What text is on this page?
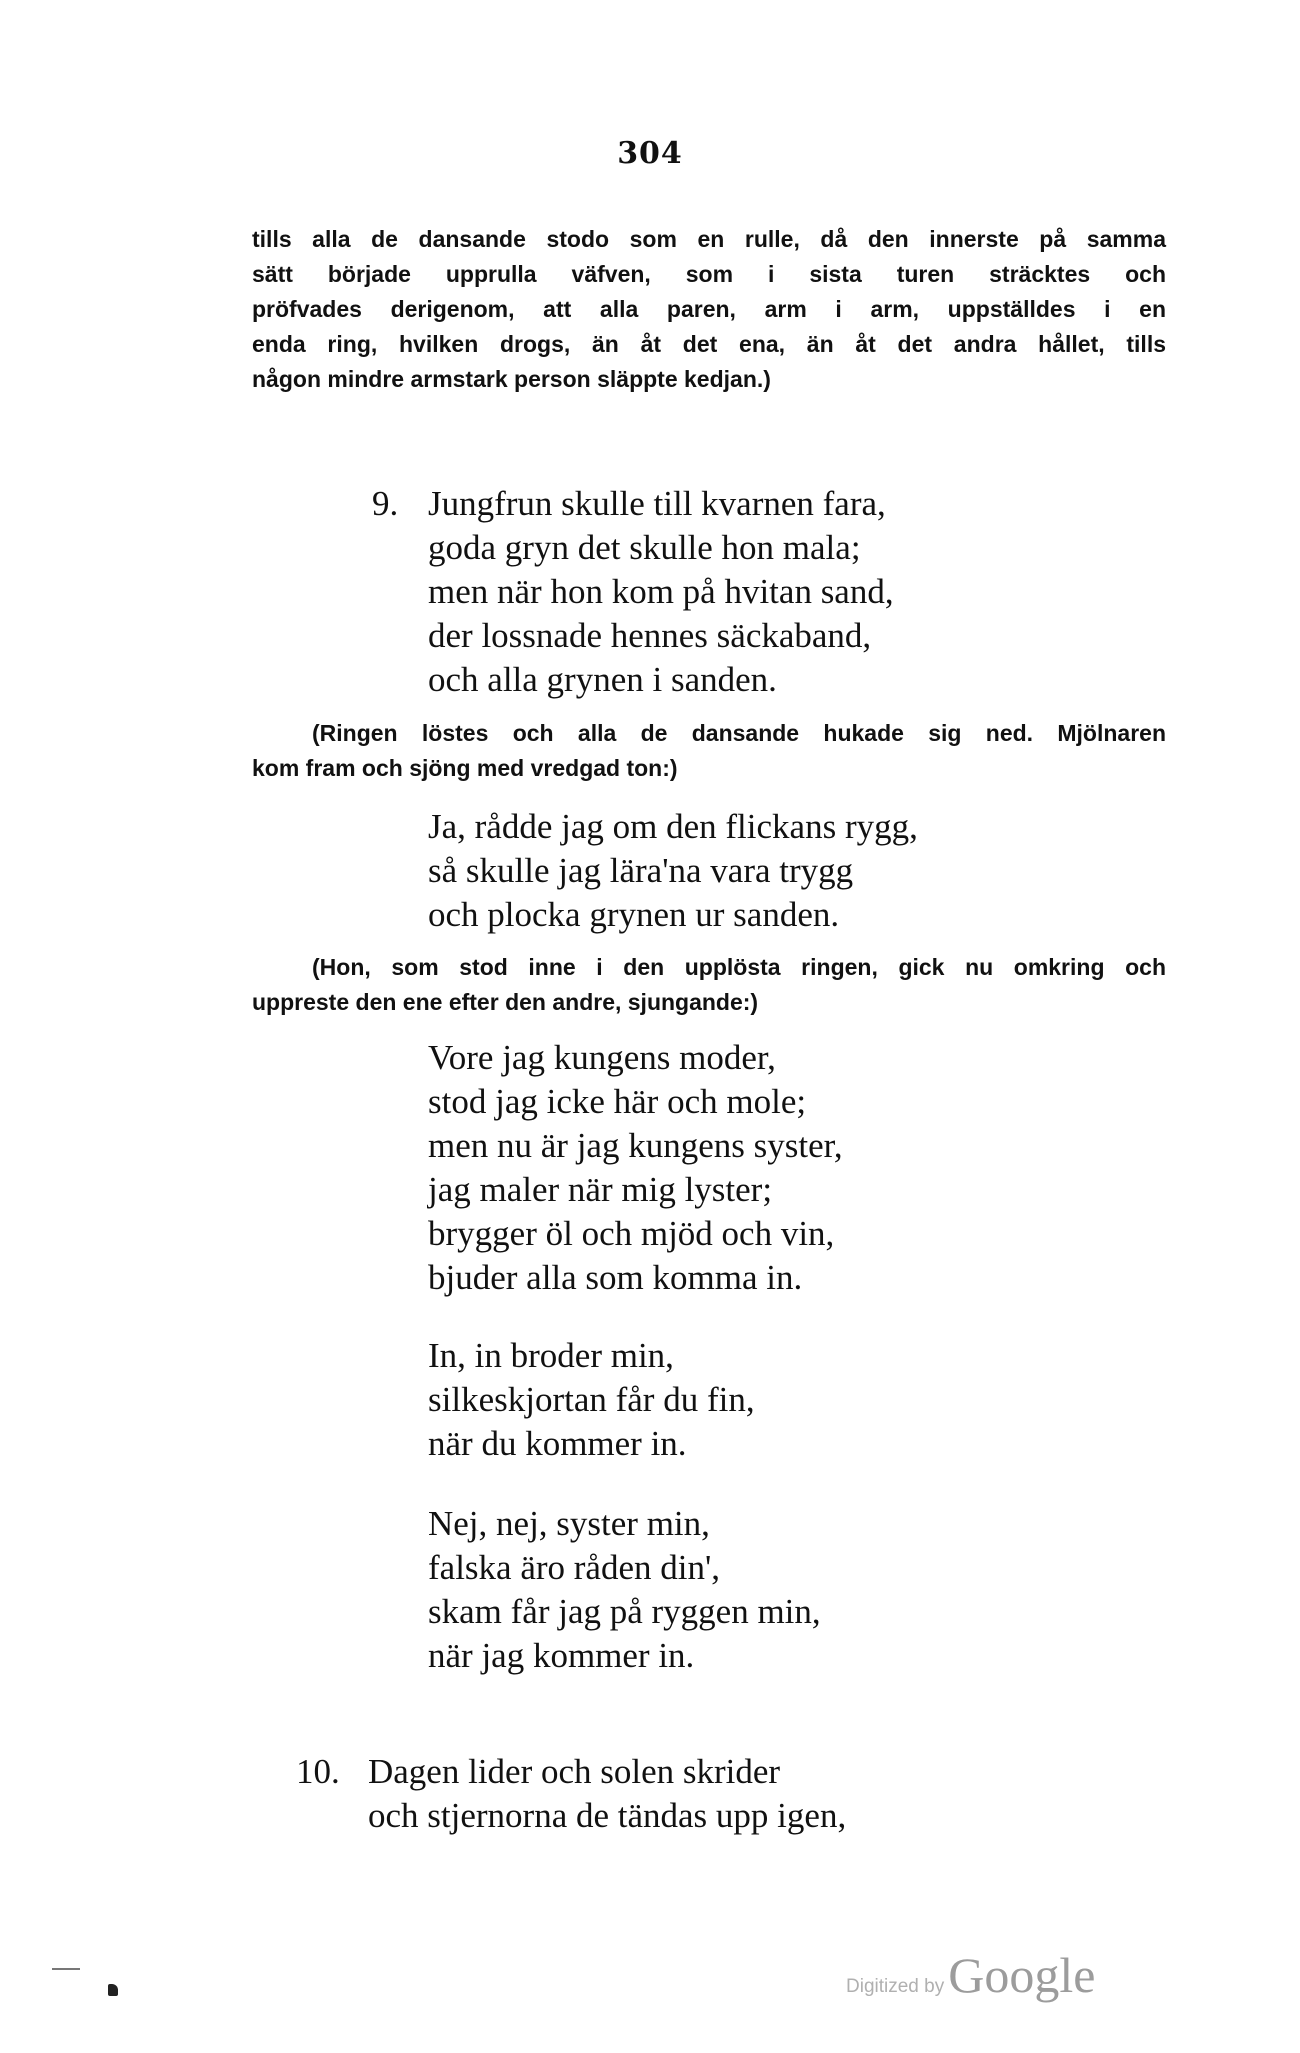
304
tills alla de dansande stodo som en rulle, då den innerste på samma
sätt började upprulla väfven, som i sista turen sträcktes och
pröfvades derigenom, att alla paren, arm i arm, uppställdes i en
enda ring, hvilken drogs, än åt det ena, än åt det andra hållet, tills
någon mindre armstark person släppte kedjan.)
9. Jungfrun skulle till kvarnen fara,
goda gryn det skulle hon mala;
men när hon kom på hvitan sand,
der lossnade hennes säckaband,
och alla grynen i sanden.
(Ringen löstes och alla de dansande hukade sig ned. Mjölnaren
kom fram och sjöng med vredgad ton:)
Ja, rådde jag om den flickans rygg,
så skulle jag lära'na vara trygg
och plocka grynen ur sanden.
(Hon, som stod inne i den upplösta ringen, gick nu omkring och
uppreste den ene efter den andre, sjungande:)
Vore jag kungens moder,
stod jag icke här och mole;
men nu är jag kungens syster,
jag maler när mig lyster;
brygger öl och mjöd och vin,
bjuder alla som komma in.
In, in broder min,
silkeskjortan får du fin,
när du kommer in.
Nej, nej, syster min,
falska äro råden din',
skam får jag på ryggen min,
när jag kommer in.
10. Dagen lider och solen skrider
och stjernorna de tändas upp igen,
Digitized by Google
